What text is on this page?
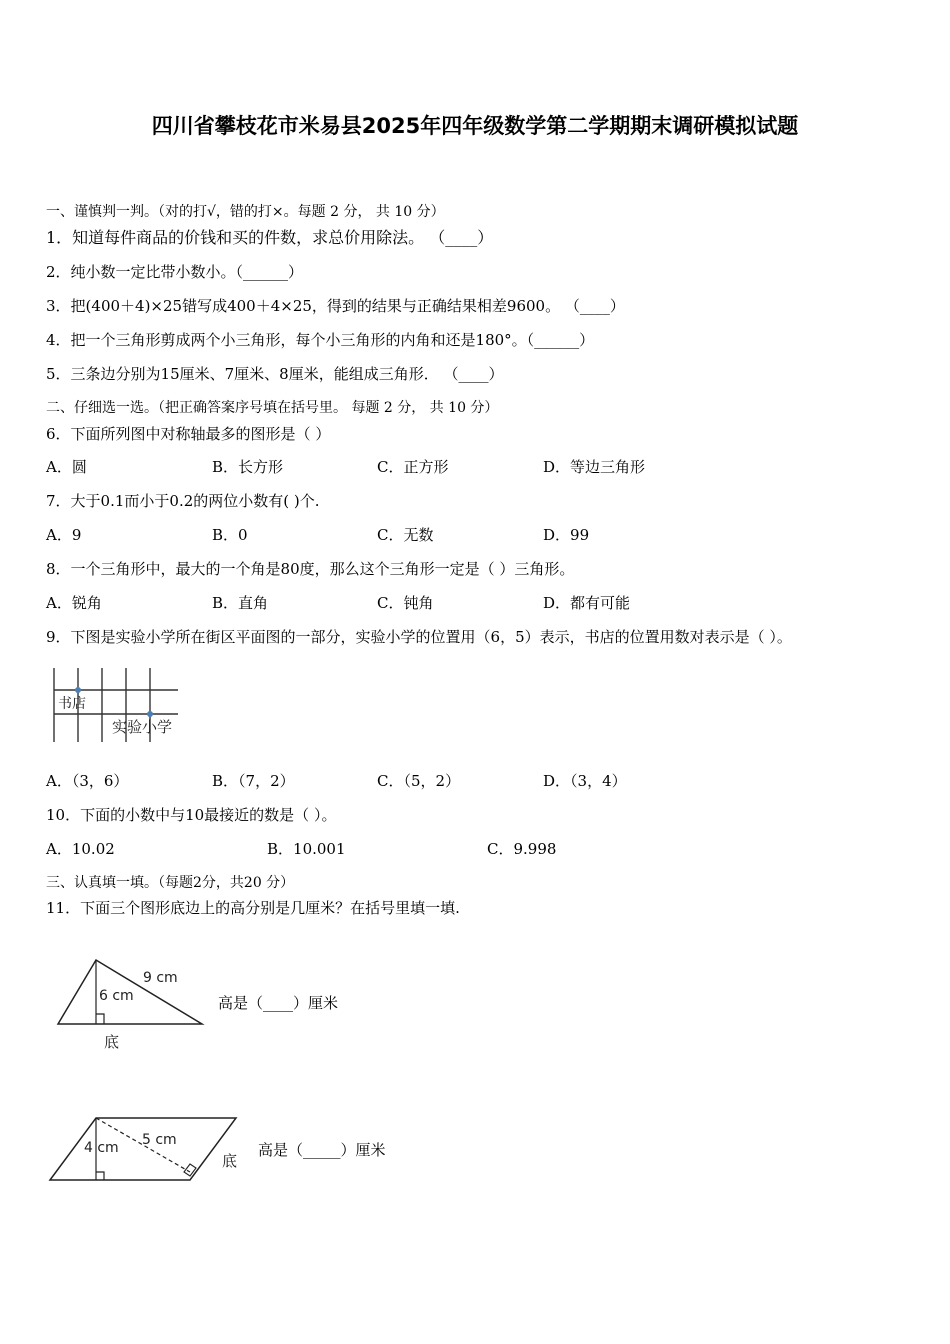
四川省攀枝花市米易县2025年四年级数学第二学期期末调研模拟试题
一、谨慎判一判。（对的打√，错的打×。每题 2 分， 共 10 分）
1．知道每件商品的价钱和买的件数，求总价用除法。 （____）
2．纯小数一定比带小数小。（______）
3．把(400＋4)×25错写成400＋4×25，得到的结果与正确结果相差9600。 （____）
4．把一个三角形剪成两个小三角形，每个小三角形的内角和还是180°。（______）
5．三条边分别为15厘米、7厘米、8厘米，能组成三角形． （____）
二、仔细选一选。（把正确答案序号填在括号里。 每题 2 分， 共 10 分）
6．下面所列图中对称轴最多的图形是（ ）
A．圆	B．长方形	C．正方形	D．等边三角形
7．大于0.1而小于0.2的两位小数有( )个.
A．9	B．0	C．无数	D．99
8．一个三角形中，最大的一个角是80度，那么这个三角形一定是（ ）三角形。
A．锐角	B．直角	C．钝角	D．都有可能
9．下图是实验小学所在街区平面图的一部分，实验小学的位置用（6，5）表示，书店的位置用数对表示是（ ）。
书店
实验小学
A．（3，6）	B．（7，2）	C．（5，2）	D．（3，4）
10．下面的小数中与10最接近的数是（ ）。
A．10.02	B．10.001	C．9.998
三、认真填一填。（每题2分，共20 分）
11．下面三个图形底边上的高分别是几厘米？在括号里填一填.
9 cm
6 cm
底
高是（____）厘米
4 cm 5 cm
底
高是（_____）厘米
